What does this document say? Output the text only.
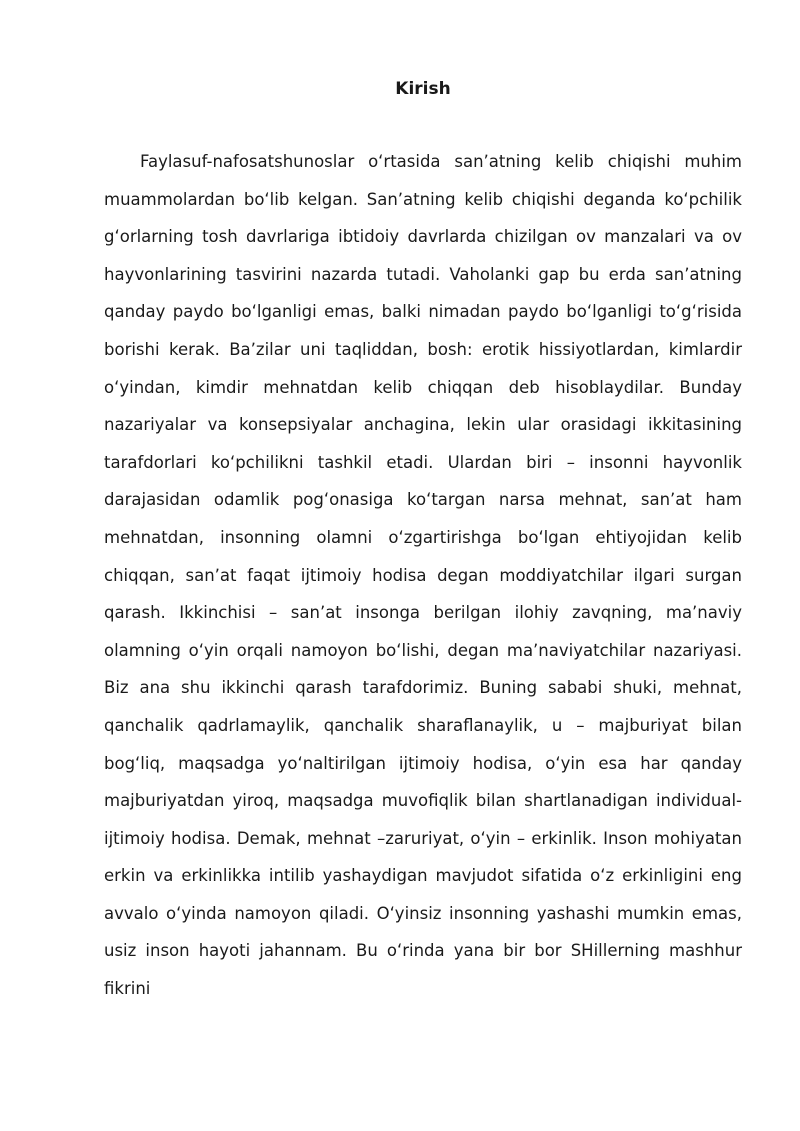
Kirish

Faylasuf-nafosatshunoslar oʻrtasida sanʼatning kelib chiqishi muhim muammolardan boʻlib kelgan. Sanʼatning kelib chiqishi deganda koʻpchilik gʻorlarning tosh davrlariga ibtidoiy davrlarda chizilgan ov manzalari va ov hayvonlarining tasvirini nazarda tutadi. Vaholanki gap bu erda sanʼatning qanday paydo boʻlganligi emas, balki nimadan paydo boʻlganligi toʻgʻrisida borishi kerak. Baʼzilar uni taqliddan, bosh: erotik hissiyotlardan, kimlardir oʻyindan, kimdir mehnatdan kelib chiqqan deb hisoblaydilar. Bunday nazariyalar va konsepsiyalar anchagina, lekin ular orasidagi ikkitasining tarafdorlari koʻpchilikni tashkil etadi. Ulardan biri – insonni hayvonlik darajasidan odamlik pogʻonasiga koʻtargan narsa mehnat, sanʼat ham mehnatdan, insonning olamni oʻzgartirishga boʻlgan ehtiyojidan kelib chiqqan, sanʼat faqat ijtimoiy hodisa degan moddiyatchilar ilgari surgan qarash. Ikkinchisi – sanʼat insonga berilgan ilohiy zavqning, maʼnaviy olamning oʻyin orqali namoyon boʻlishi, degan maʼnaviyatchilar nazariyasi. Biz ana shu ikkinchi qarash tarafdorimiz. Buning sababi shuki, mehnat, qanchalik qadrlamaylik, qanchalik sharaflanaylik, u – majburiyat bilan bogʻliq, maqsadga yoʻnaltirilgan ijtimoiy hodisa, oʻyin esa har qanday majburiyatdan yiroq, maqsadga muvofiqlik bilan shartlanadigan individual-ijtimoiy hodisa. Demak, mehnat –zaruriyat, oʻyin – erkinlik. Inson mohiyatan erkin va erkinlikka intilib yashaydigan mavjudot sifatida oʻz erkinligini eng avvalo oʻyinda namoyon qiladi. Oʻyinsiz insonning yashashi mumkin emas, usiz inson hayoti jahannam. Bu oʻrinda yana bir bor SHillerning mashhur fikrini
